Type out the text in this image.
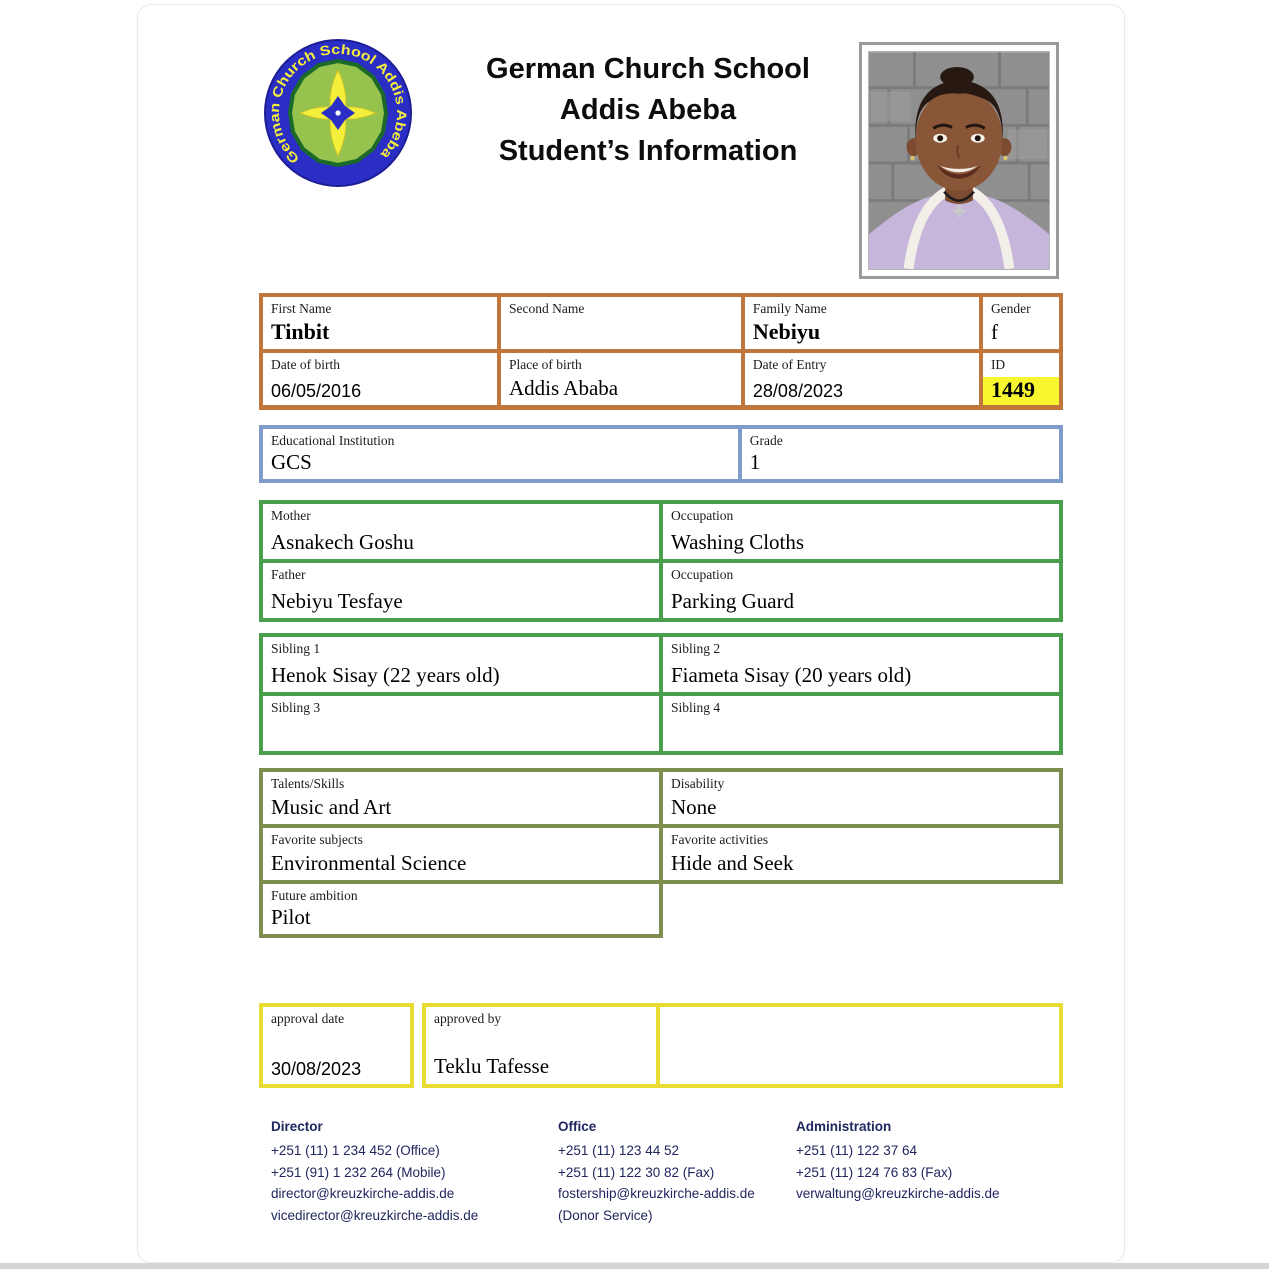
German Church School Addis Abeba
German Church School
Addis Abeba
Student’s Information
First Name
Tinbit
Second Name	Family Name
Nebiyu
Gender
f
Date of birth
06/05/2016
Place of birth
Addis Ababa
Date of Entry
28/08/2023
ID
1449
Educational Institution
GCS
Grade
1
Mother
Asnakech Goshu
Occupation
Washing Cloths
Father
Nebiyu Tesfaye
Occupation
Parking Guard
Sibling 1
Henok Sisay (22 years old)
Sibling 2
Fiameta Sisay (20 years old)
Sibling 3	Sibling 4
Talents/Skills
Music and Art
Disability
None
Favorite subjects
Environmental Science
Favorite activities
Hide and Seek
Future ambition
Pilot
approval date
30/08/2023
approved by
Teklu Tafesse
Director
+251 (11) 1 234 452 (Office)
+251 (91) 1 232 264 (Mobile)
director@kreuzkirche-addis.de
vicedirector@kreuzkirche-addis.de
Office
+251 (11) 123 44 52
+251 (11) 122 30 82 (Fax)
fostership@kreuzkirche-addis.de
(Donor Service)
Administration
+251 (11) 122 37 64
+251 (11) 124 76 83 (Fax)
verwaltung@kreuzkirche-addis.de
